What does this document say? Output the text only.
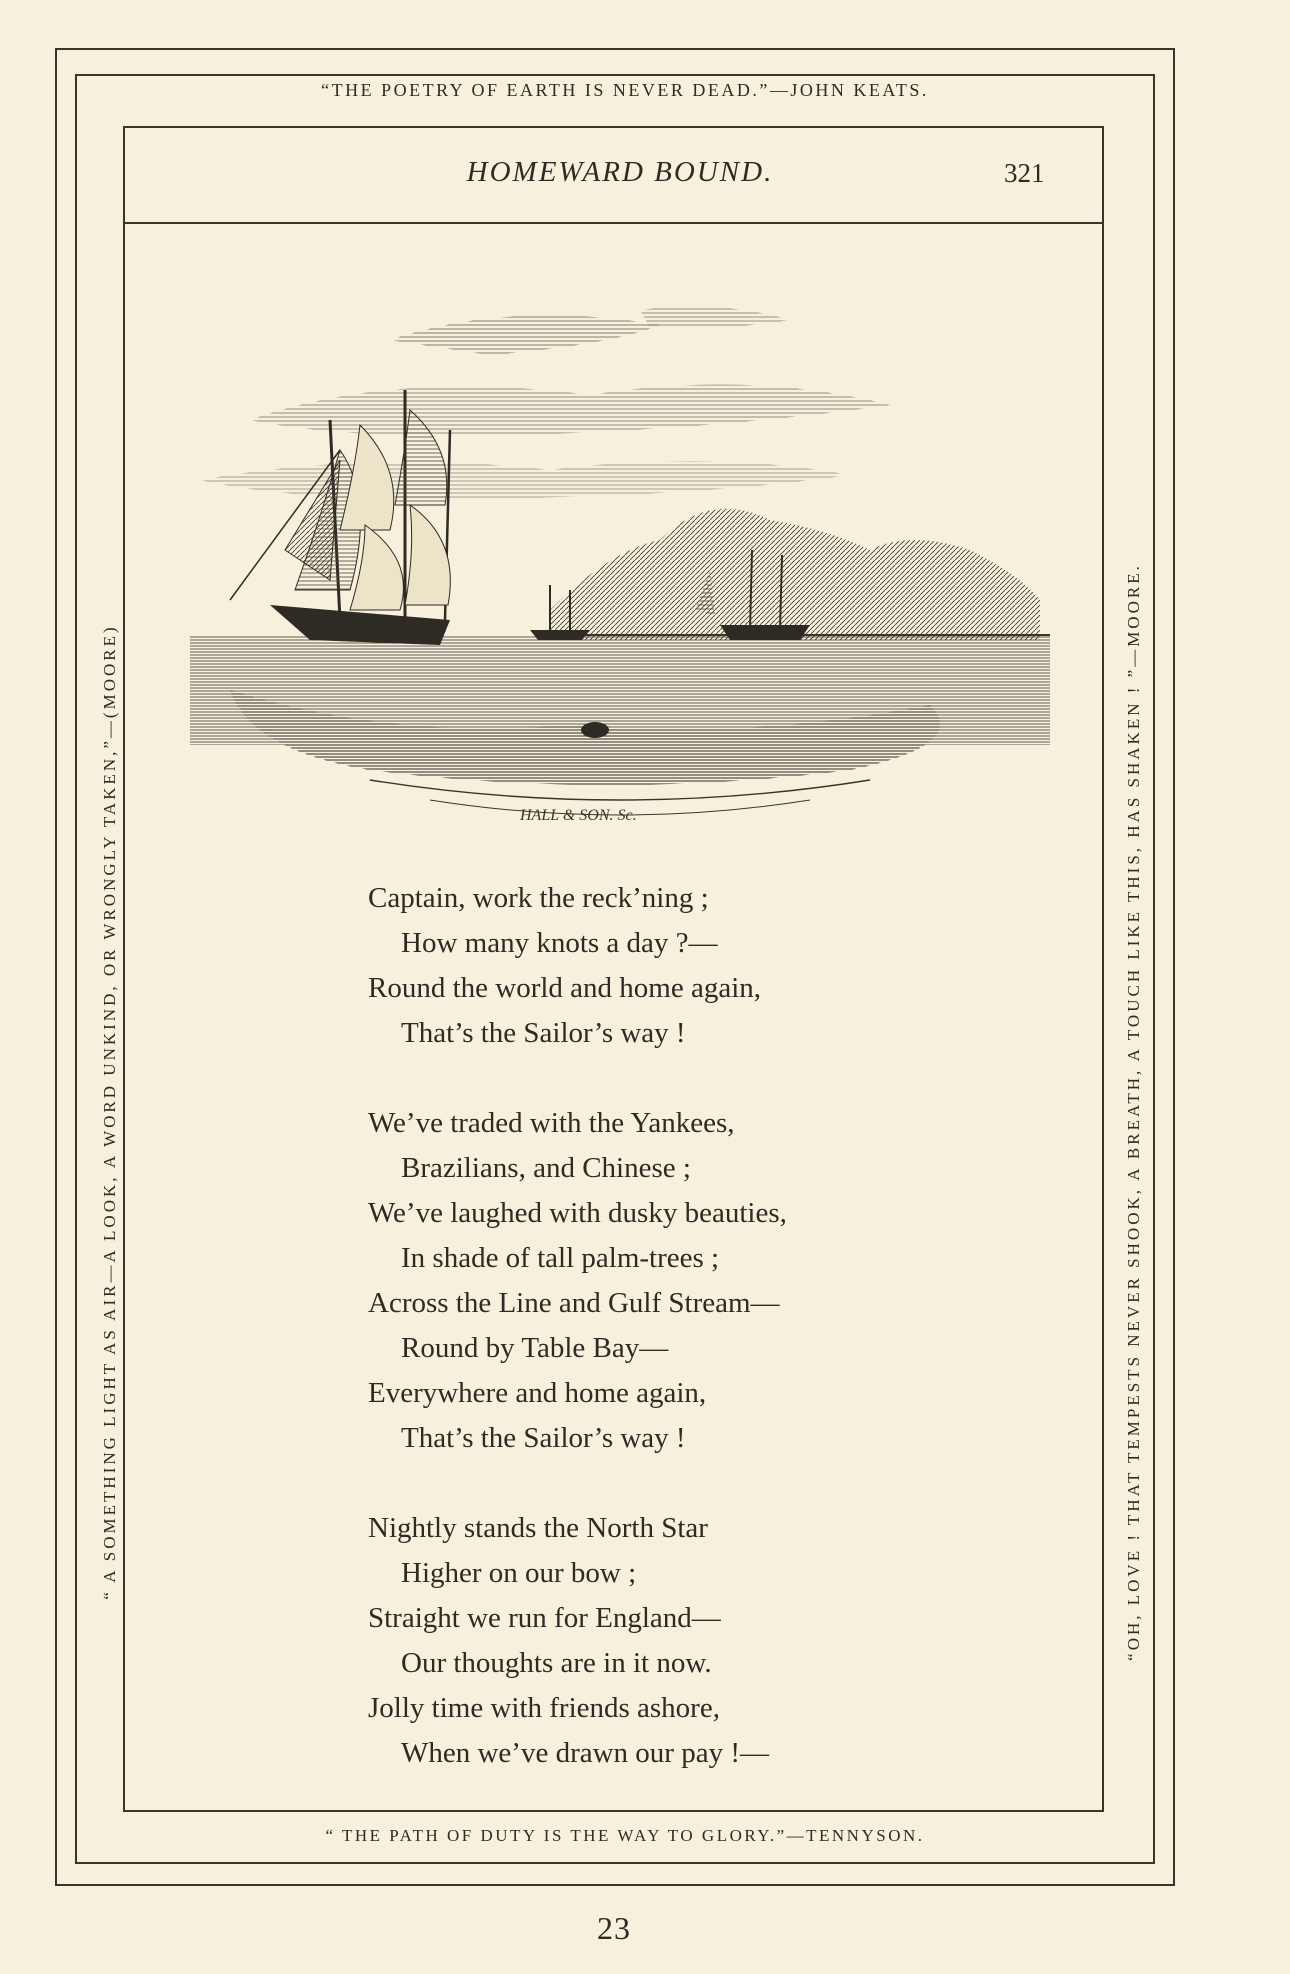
“THE POETRY OF EARTH IS NEVER DEAD.”—JOHN KEATS.
“ A SOMETHING LIGHT AS AIR—A LOOK, A WORD UNKIND, OR WRONGLY TAKEN,”—(MOORE)	“OH, LOVE ! THAT TEMPESTS NEVER SHOOK, A BREATH, A TOUCH LIKE THIS, HAS SHAKEN ! ”—MOORE.
HOMEWARD BOUND.	321
HALL & SON. Sc.
Captain, work the reck’ning ;
How many knots a day ?—
Round the world and home again,
That’s the Sailor’s way !
We’ve traded with the Yankees,
Brazilians, and Chinese ;
We’ve laughed with dusky beauties,
In shade of tall palm-trees ;
Across the Line and Gulf Stream—
Round by Table Bay—
Everywhere and home again,
That’s the Sailor’s way !
Nightly stands the North Star
Higher on our bow ;
Straight we run for England—
Our thoughts are in it now.
Jolly time with friends ashore,
When we’ve drawn our pay !—
“ THE PATH OF DUTY IS THE WAY TO GLORY.”—TENNYSON.
23
